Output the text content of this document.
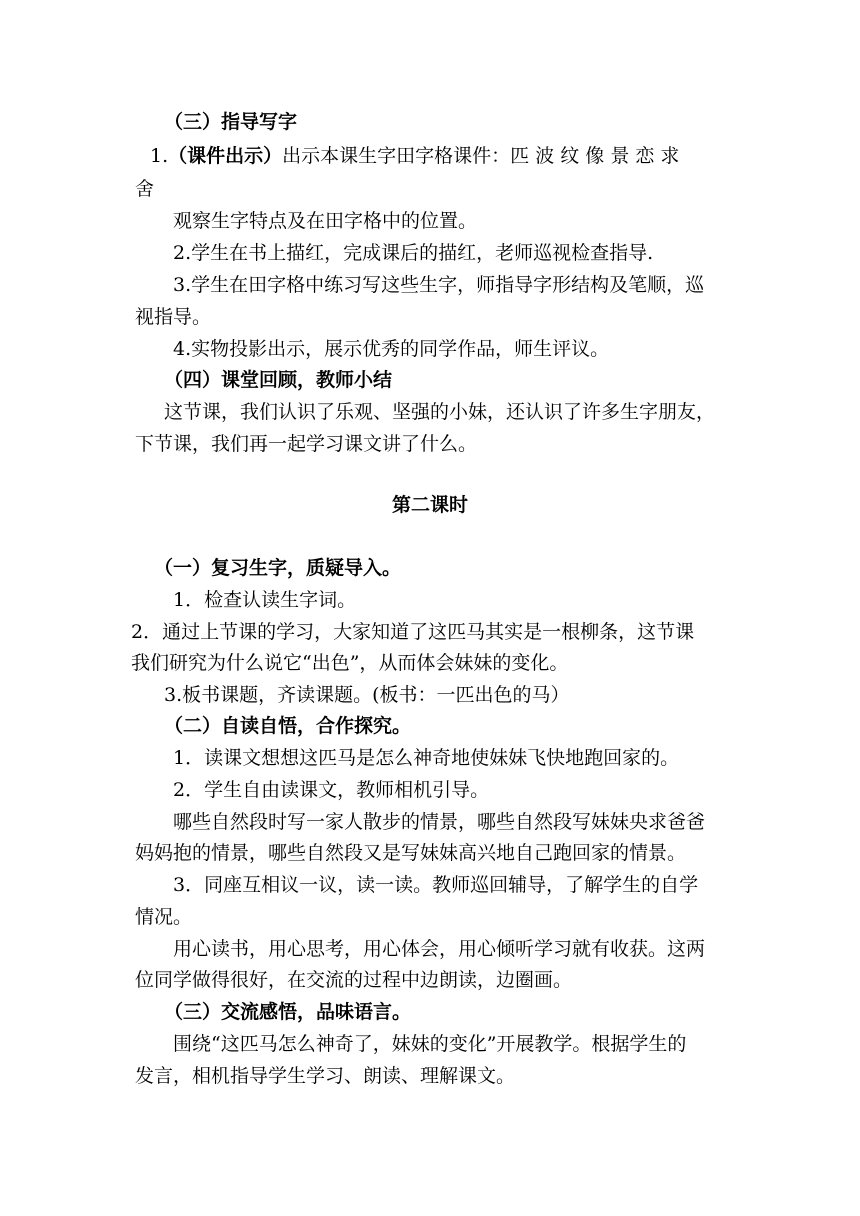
（三）指导写字
1.（课件出示）出示本课生字田字格课件：匹 波 纹 像 景 恋 求
舍
观察生字特点及在田字格中的位置。
2.学生在书上描红，完成课后的描红，老师巡视检查指导.
3.学生在田字格中练习写这些生字，师指导字形结构及笔顺，巡
视指导。
4.实物投影出示，展示优秀的同学作品，师生评议。
（四）课堂回顾，教师小结
这节课，我们认识了乐观、坚强的小妹，还认识了许多生字朋友，
下节课，我们再一起学习课文讲了什么。
第二课时
（一）复习生字，质疑导入。
1．检查认读生字词。
2．通过上节课的学习，大家知道了这匹马其实是一根柳条，这节课
我们研究为什么说它“出色”，从而体会妹妹的变化。
3.板书课题，齐读课题。(板书：一匹出色的马）
（二）自读自悟，合作探究。
1．读课文想想这匹马是怎么神奇地使妹妹飞快地跑回家的。
2．学生自由读课文，教师相机引导。
哪些自然段时写一家人散步的情景，哪些自然段写妹妹央求爸爸
妈妈抱的情景，哪些自然段又是写妹妹高兴地自己跑回家的情景。
3．同座互相议一议，读一读。教师巡回辅导，了解学生的自学
情况。
用心读书，用心思考，用心体会，用心倾听学习就有收获。这两
位同学做得很好，在交流的过程中边朗读，边圈画。
（三）交流感悟，品味语言。
围绕“这匹马怎么神奇了，妹妹的变化”开展教学。根据学生的
发言，相机指导学生学习、朗读、理解课文。
